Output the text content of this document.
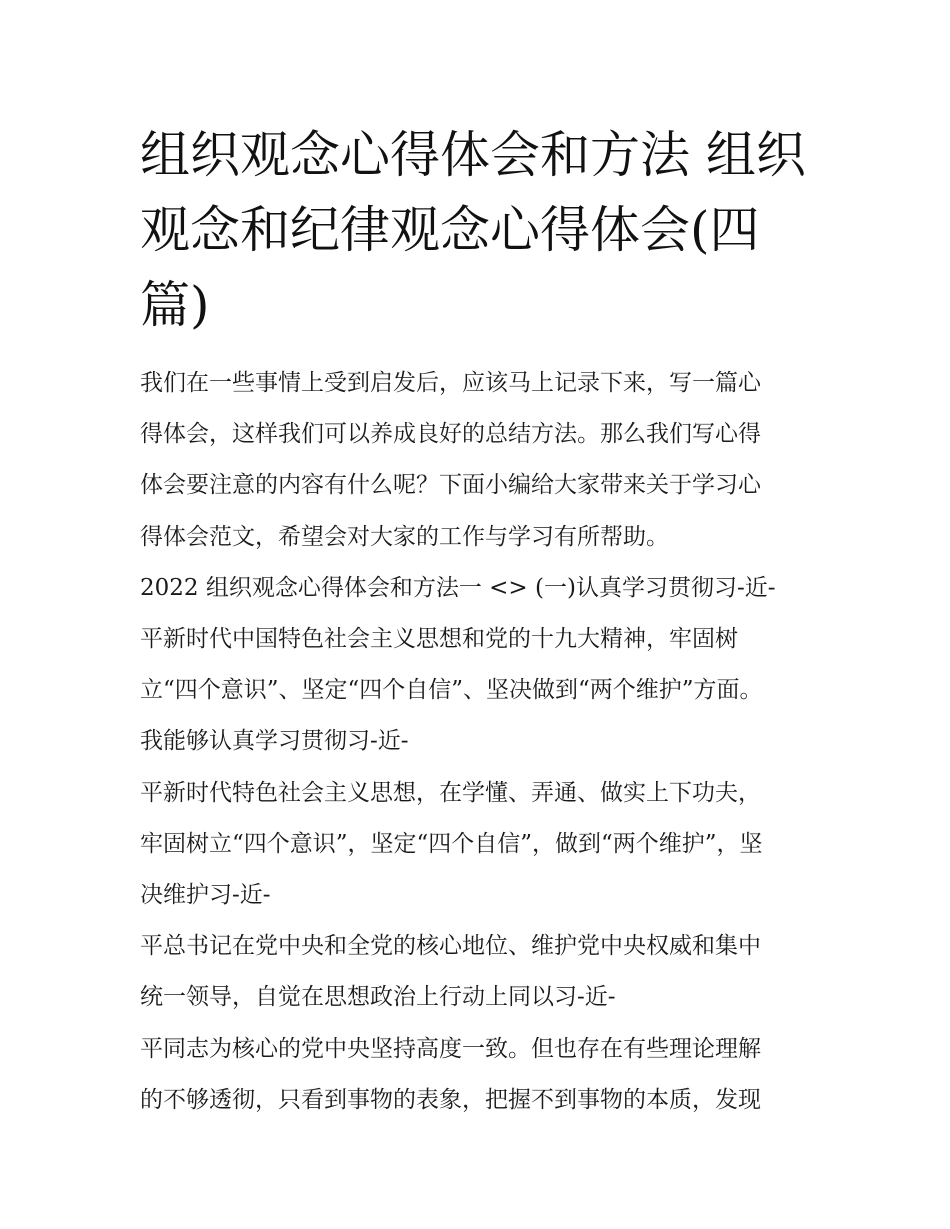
组织观念心得体会和方法 组织
观念和纪律观念心得体会(四
篇)
我们在一些事情上受到启发后，应该马上记录下来，写一篇心
得体会，这样我们可以养成良好的总结方法。那么我们写心得
体会要注意的内容有什么呢？下面小编给大家带来关于学习心
得体会范文，希望会对大家的工作与学习有所帮助。
2022 组织观念心得体会和方法一 <> (一)认真学习贯彻习-近-
平新时代中国特色社会主义思想和党的十九大精神，牢固树
立“四个意识”、坚定“四个自信”、坚决做到“两个维护”方面。
我能够认真学习贯彻习-近-
平新时代特色社会主义思想，在学懂、弄通、做实上下功夫，
牢固树立“四个意识”，坚定“四个自信”，做到“两个维护”，坚
决维护习-近-
平总书记在党中央和全党的核心地位、维护党中央权威和集中
统一领导，自觉在思想政治上行动上同以习-近-
平同志为核心的党中央坚持高度一致。但也存在有些理论理解
的不够透彻，只看到事物的表象，把握不到事物的本质，发现
